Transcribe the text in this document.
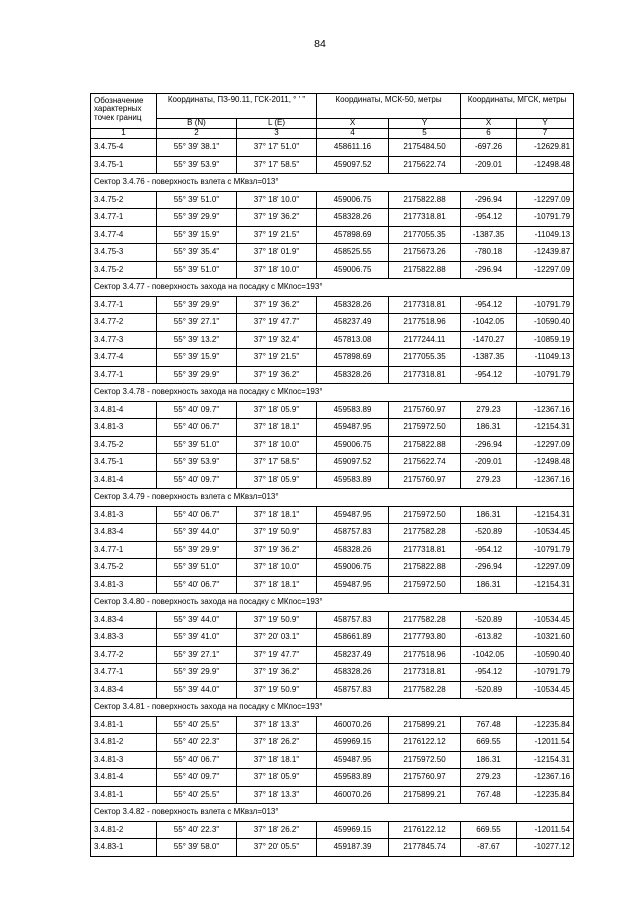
84
Обозначение характерных точек границ	Координаты, ПЗ-90.11, ГСК-2011, ° ' "		Координаты, МСК-50, метры		Координаты, МГСК, метры	
	B (N)	L (E)	X	Y	X	Y
1	2	3	4	5	6	7
3.4.75-4	55° 39' 38.1"	37° 17' 51.0"	458611.16	2175484.50	-697.26	-12629.81
3.4.75-1	55° 39' 53.9"	37° 17' 58.5"	459097.52	2175622.74	-209.01	-12498.48
Сектор 3.4.76 - поверхность взлета с МКвзл=013°						
3.4.75-2	55° 39' 51.0"	37° 18' 10.0"	459006.75	2175822.88	-296.94	-12297.09
3.4.77-1	55° 39' 29.9"	37° 19' 36.2"	458328.26	2177318.81	-954.12	-10791.79
3.4.77-4	55° 39' 15.9"	37° 19' 21.5"	457898.69	2177055.35	-1387.35	-11049.13
3.4.75-3	55° 39' 35.4"	37° 18' 01.9"	458525.55	2175673.26	-780.18	-12439.87
3.4.75-2	55° 39' 51.0"	37° 18' 10.0"	459006.75	2175822.88	-296.94	-12297.09
Сектор 3.4.77 - поверхность захода на посадку с МКпос=193°						
3.4.77-1	55° 39' 29.9"	37° 19' 36.2"	458328.26	2177318.81	-954.12	-10791.79
3.4.77-2	55° 39' 27.1"	37° 19' 47.7"	458237.49	2177518.96	-1042.05	-10590.40
3.4.77-3	55° 39' 13.2"	37° 19' 32.4"	457813.08	2177244.11	-1470.27	-10859.19
3.4.77-4	55° 39' 15.9"	37° 19' 21.5"	457898.69	2177055.35	-1387.35	-11049.13
3.4.77-1	55° 39' 29.9"	37° 19' 36.2"	458328.26	2177318.81	-954.12	-10791.79
Сектор 3.4.78 - поверхность захода на посадку с МКпос=193°						
3.4.81-4	55° 40' 09.7"	37° 18' 05.9"	459583.89	2175760.97	279.23	-12367.16
3.4.81-3	55° 40' 06.7"	37° 18' 18.1"	459487.95	2175972.50	186.31	-12154.31
3.4.75-2	55° 39' 51.0"	37° 18' 10.0"	459006.75	2175822.88	-296.94	-12297.09
3.4.75-1	55° 39' 53.9"	37° 17' 58.5"	459097.52	2175622.74	-209.01	-12498.48
3.4.81-4	55° 40' 09.7"	37° 18' 05.9"	459583.89	2175760.97	279.23	-12367.16
Сектор 3.4.79 - поверхность взлета с МКвзл=013°						
3.4.81-3	55° 40' 06.7"	37° 18' 18.1"	459487.95	2175972.50	186.31	-12154.31
3.4.83-4	55° 39' 44.0"	37° 19' 50.9"	458757.83	2177582.28	-520.89	-10534.45
3.4.77-1	55° 39' 29.9"	37° 19' 36.2"	458328.26	2177318.81	-954.12	-10791.79
3.4.75-2	55° 39' 51.0"	37° 18' 10.0"	459006.75	2175822.88	-296.94	-12297.09
3.4.81-3	55° 40' 06.7"	37° 18' 18.1"	459487.95	2175972.50	186.31	-12154.31
Сектор 3.4.80 - поверхность захода на посадку с МКпос=193°						
3.4.83-4	55° 39' 44.0"	37° 19' 50.9"	458757.83	2177582.28	-520.89	-10534.45
3.4.83-3	55° 39' 41.0"	37° 20' 03.1"	458661.89	2177793.80	-613.82	-10321.60
3.4.77-2	55° 39' 27.1"	37° 19' 47.7"	458237.49	2177518.96	-1042.05	-10590.40
3.4.77-1	55° 39' 29.9"	37° 19' 36.2"	458328.26	2177318.81	-954.12	-10791.79
3.4.83-4	55° 39' 44.0"	37° 19' 50.9"	458757.83	2177582.28	-520.89	-10534.45
Сектор 3.4.81 - поверхность захода на посадку с МКпос=193°						
3.4.81-1	55° 40' 25.5"	37° 18' 13.3"	460070.26	2175899.21	767.48	-12235.84
3.4.81-2	55° 40' 22.3"	37° 18' 26.2"	459969.15	2176122.12	669.55	-12011.54
3.4.81-3	55° 40' 06.7"	37° 18' 18.1"	459487.95	2175972.50	186.31	-12154.31
3.4.81-4	55° 40' 09.7"	37° 18' 05.9"	459583.89	2175760.97	279.23	-12367.16
3.4.81-1	55° 40' 25.5"	37° 18' 13.3"	460070.26	2175899.21	767.48	-12235.84
Сектор 3.4.82 - поверхность взлета с МКвзл=013°						
3.4.81-2	55° 40' 22.3"	37° 18' 26.2"	459969.15	2176122.12	669.55	-12011.54
3.4.83-1	55° 39' 58.0"	37° 20' 05.5"	459187.39	2177845.74	-87.67	-10277.12
